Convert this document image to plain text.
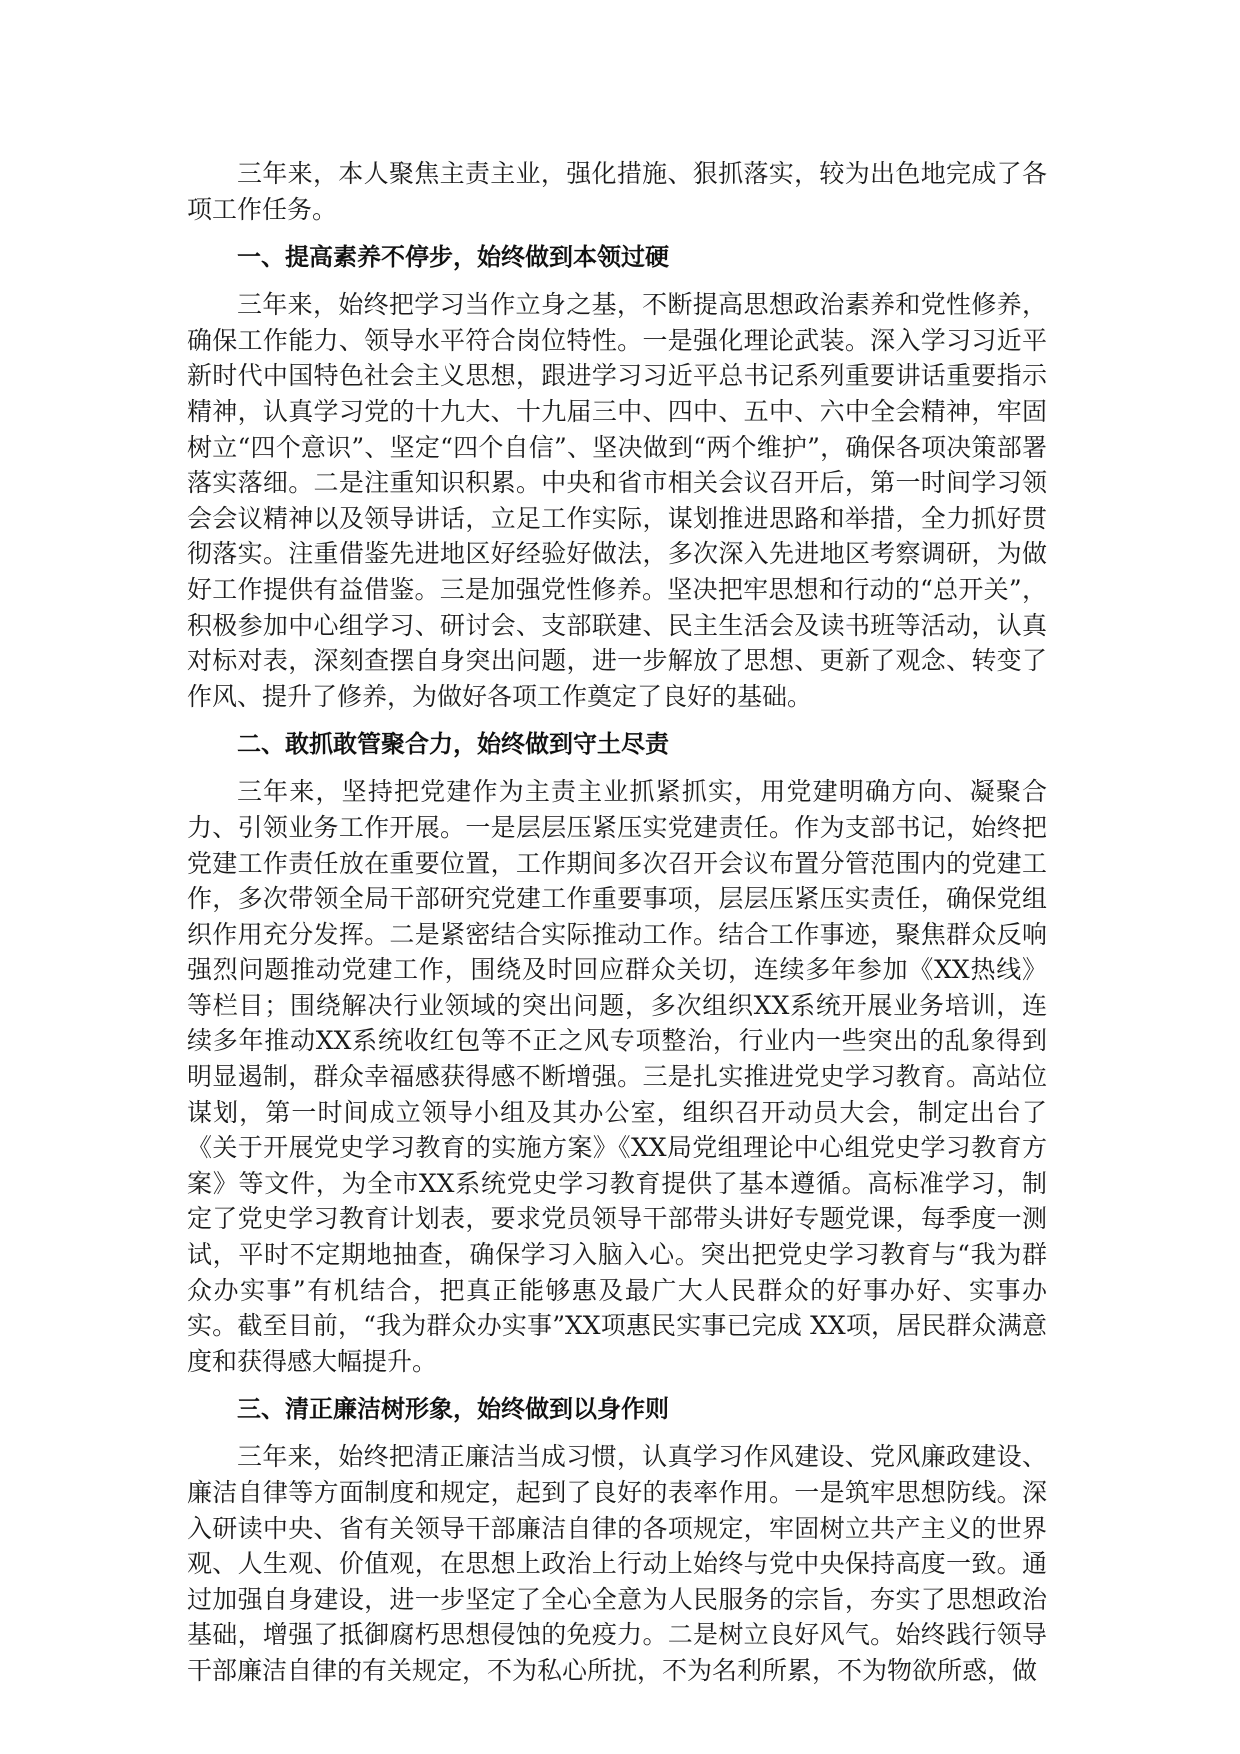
三年来，本人聚焦主责主业，强化措施、狠抓落实，较为出色地完成了各项工作任务。

一、提高素养不停步，始终做到本领过硬

三年来，始终把学习当作立身之基，不断提高思想政治素养和党性修养，确保工作能力、领导水平符合岗位特性。一是强化理论武装。深入学习习近平新时代中国特色社会主义思想，跟进学习习近平总书记系列重要讲话重要指示精神，认真学习党的十九大、十九届三中、四中、五中、六中全会精神，牢固树立“四个意识”、坚定“四个自信”、坚决做到“两个维护”，确保各项决策部署落实落细。二是注重知识积累。中央和省市相关会议召开后，第一时间学习领会会议精神以及领导讲话，立足工作实际，谋划推进思路和举措，全力抓好贯彻落实。注重借鉴先进地区好经验好做法，多次深入先进地区考察调研，为做好工作提供有益借鉴。三是加强党性修养。坚决把牢思想和行动的“总开关”，积极参加中心组学习、研讨会、支部联建、民主生活会及读书班等活动，认真对标对表，深刻查摆自身突出问题，进一步解放了思想、更新了观念、转变了作风、提升了修养，为做好各项工作奠定了良好的基础。

二、敢抓敢管聚合力，始终做到守土尽责

三年来，坚持把党建作为主责主业抓紧抓实，用党建明确方向、凝聚合力、引领业务工作开展。一是层层压紧压实党建责任。作为支部书记，始终把党建工作责任放在重要位置，工作期间多次召开会议布置分管范围内的党建工作，多次带领全局干部研究党建工作重要事项，层层压紧压实责任，确保党组织作用充分发挥。二是紧密结合实际推动工作。结合工作事迹，聚焦群众反响强烈问题推动党建工作，围绕及时回应群众关切，连续多年参加《XX热线》等栏目；围绕解决行业领域的突出问题，多次组织XX系统开展业务培训，连续多年推动XX系统收红包等不正之风专项整治，行业内一些突出的乱象得到明显遏制，群众幸福感获得感不断增强。三是扎实推进党史学习教育。高站位谋划，第一时间成立领导小组及其办公室，组织召开动员大会，制定出台了《关于开展党史学习教育的实施方案》《XX局党组理论中心组党史学习教育方案》等文件，为全市XX系统党史学习教育提供了基本遵循。高标准学习，制定了党史学习教育计划表，要求党员领导干部带头讲好专题党课，每季度一测试，平时不定期地抽查，确保学习入脑入心。突出把党史学习教育与“我为群众办实事”有机结合，把真正能够惠及最广大人民群众的好事办好、实事办实。截至目前，“我为群众办实事”XX项惠民实事已完成 XX项，居民群众满意度和获得感大幅提升。

三、清正廉洁树形象，始终做到以身作则

三年来，始终把清正廉洁当成习惯，认真学习作风建设、党风廉政建设、廉洁自律等方面制度和规定，起到了良好的表率作用。一是筑牢思想防线。深入研读中央、省有关领导干部廉洁自律的各项规定，牢固树立共产主义的世界观、人生观、价值观，在思想上政治上行动上始终与党中央保持高度一致。通过加强自身建设，进一步坚定了全心全意为人民服务的宗旨，夯实了思想政治基础，增强了抵御腐朽思想侵蚀的免疫力。二是树立良好风气。始终践行领导干部廉洁自律的有关规定，不为私心所扰，不为名利所累，不为物欲所惑，做
